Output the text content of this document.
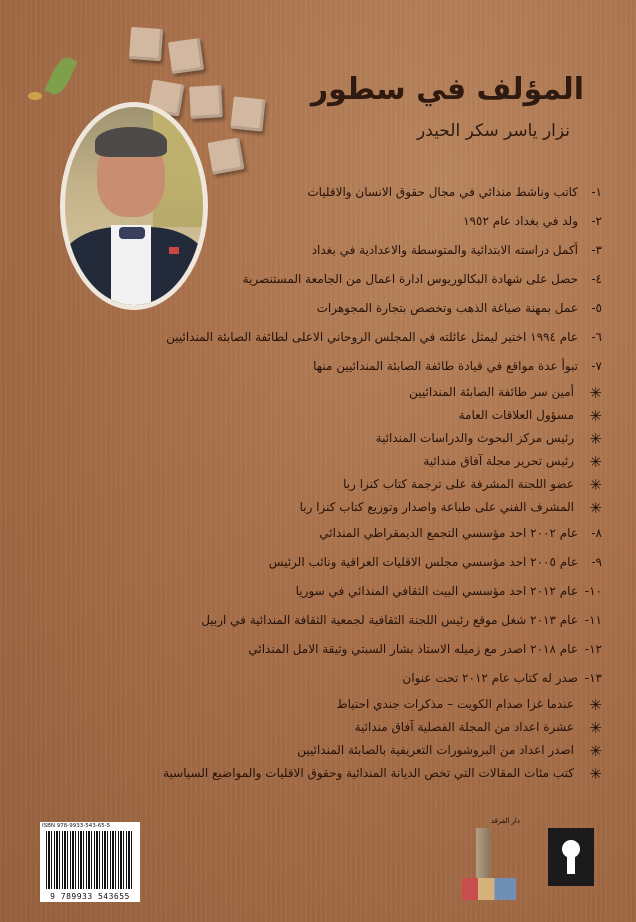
المؤلف في سطور
نزار ياسر سكر الحيدر
١-
كاتب وناشط مندائي في مجال حقوق الانسان والاقليات
٢-
ولد في بغداد عام ١٩٥٢
٣-
أكمل دراسته الابتدائية والمتوسطة والاعدادية في بغداد
٤-
حصل على شهادة البكالوريوس ادارة اعمال من الجامعة المستنصرية
٥-
عمل بمهنة صياغة الذهب وتخصص بتجارة المجوهرات
٦-
عام ١٩٩٤ اختير ليمثل عائلته في المجلس الروحاني الاعلى لطائفة الصابئة المندائيين
٧-
تبوأ عدة مواقع في قيادة طائفة الصابئة المندائيين منها
✳
أمين سر طائفة الصابئة المندائيين
✳
مسؤول العلاقات العامة
✳
رئيس مركز البحوث والدراسات المندائية
✳
رئيس تحرير مجلة آفاق مندائية
✳
عضو اللجنة المشرفة على ترجمة كتاب كنزا ربا
✳
المشرف الفني على طباعة واصدار وتوزيع كتاب كنزا ربا
٨-
عام ٢٠٠٢ احد مؤسسي التجمع الديمقراطي المندائي
٩-
عام ٢٠٠٥ احد مؤسسي مجلس الاقليات العراقية ونائب الرئيس
١٠-
عام ٢٠١٢ احد مؤسسي البيت الثقافي المندائي في سوريا
١١-
عام ٢٠١٣ شغل موقع رئيس اللجنة الثقافية لجمعية الثقافة المندائية في اربيل
١٢-
عام ٢٠١٨ اصدر مع زميله الاستاذ بشار السبتي وثيقة الامل المندائي
١٣-
صدر له كتاب عام ٢٠١٢ تحت عنوان
✳
عندما غزا صدام الكويت – مذكرات جندي احتياط
✳
عشرة اعداد من المجلة الفصلية آفاق مندائية
✳
اصدر اعداد من البروشورات التعريفية بالصابئة المندائيين
✳
كتب مئات المقالات التي تخص الديانة المندائية وحقوق الاقليات والمواضيع السياسية
ISBN 978-9933-543-65-5
9 789933 543655
دار الفرقد
